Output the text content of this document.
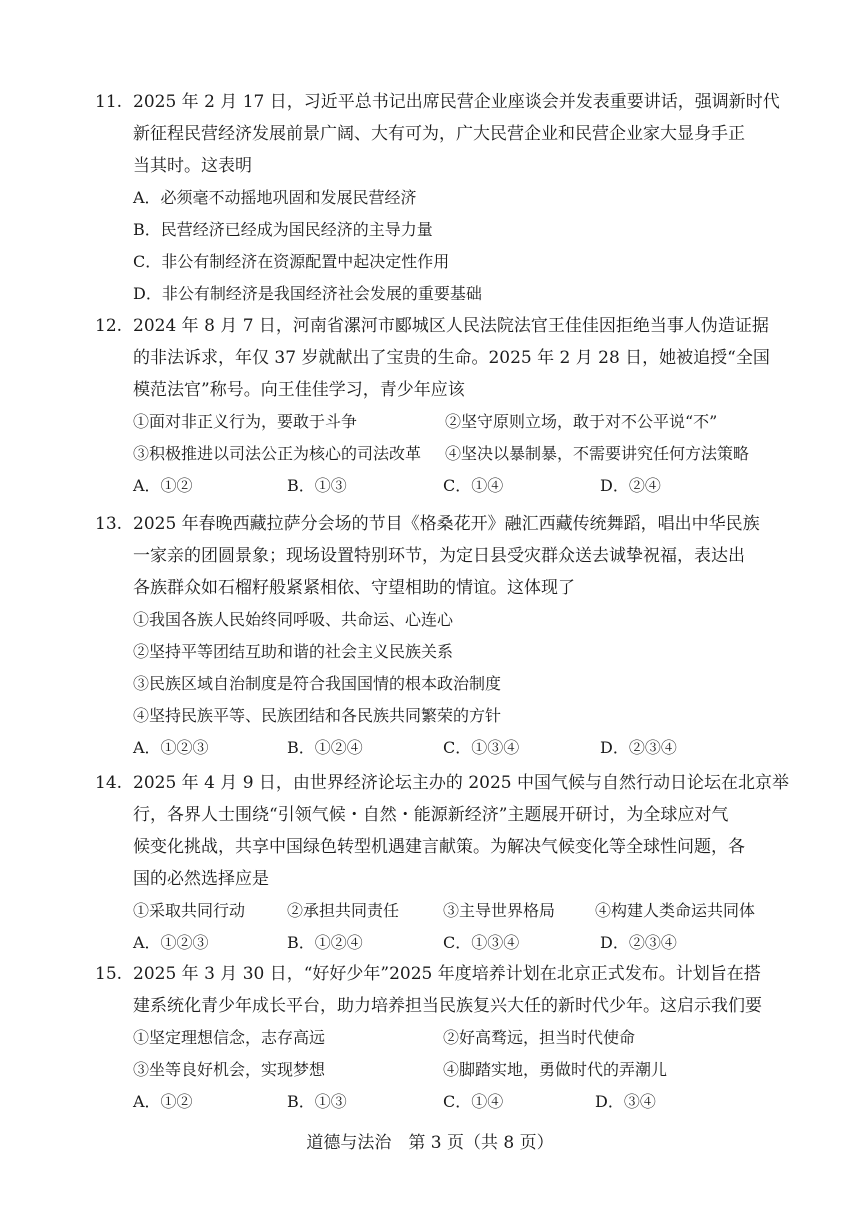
11. 2025 年 2 月 17 日，习近平总书记出席民营企业座谈会并发表重要讲话，强调新时代
新征程民营经济发展前景广阔、大有可为，广大民营企业和民营企业家大显身手正
当其时。这表明
A．必须毫不动摇地巩固和发展民营经济
B．民营经济已经成为国民经济的主导力量
C．非公有制经济在资源配置中起决定性作用
D．非公有制经济是我国经济社会发展的重要基础
12. 2024 年 8 月 7 日，河南省漯河市郾城区人民法院法官王佳佳因拒绝当事人伪造证据
的非法诉求，年仅 37 岁就献出了宝贵的生命。2025 年 2 月 28 日，她被追授“全国
模范法官”称号。向王佳佳学习，青少年应该
①面对非正义行为，要敢于斗争	②坚守原则立场，敢于对不公平说“不”
③积极推进以司法公正为核心的司法改革 ④坚决以暴制暴，不需要讲究任何方法策略
A．①②	B．①③	C．①④	D．②④
13. 2025 年春晚西藏拉萨分会场的节目《格桑花开》融汇西藏传统舞蹈，唱出中华民族
一家亲的团圆景象；现场设置特别环节，为定日县受灾群众送去诚挚祝福，表达出
各族群众如石榴籽般紧紧相依、守望相助的情谊。这体现了
①我国各族人民始终同呼吸、共命运、心连心
②坚持平等团结互助和谐的社会主义民族关系
③民族区域自治制度是符合我国国情的根本政治制度
④坚持民族平等、民族团结和各民族共同繁荣的方针
A．①②③	B．①②④	C．①③④	D．②③④
14. 2025 年 4 月 9 日，由世界经济论坛主办的 2025 中国气候与自然行动日论坛在北京举
行，各界人士围绕“引领气候・自然・能源新经济”主题展开研讨，为全球应对气
候变化挑战，共享中国绿色转型机遇建言献策。为解决气候变化等全球性问题，各
国的必然选择应是
①采取共同行动	②承担共同责任	③主导世界格局 ④构建人类命运共同体
A．①②③	B．①②④	C．①③④	D．②③④
15. 2025 年 3 月 30 日，“好好少年”2025 年度培养计划在北京正式发布。计划旨在搭
建系统化青少年成长平台，助力培养担当民族复兴大任的新时代少年。这启示我们要
①坚定理想信念，志存高远	②好高骛远，担当时代使命
③坐等良好机会，实现梦想	④脚踏实地，勇做时代的弄潮儿
A．①②	B．①③	C．①④	D．③④
道德与法治　第 3 页（共 8 页）
